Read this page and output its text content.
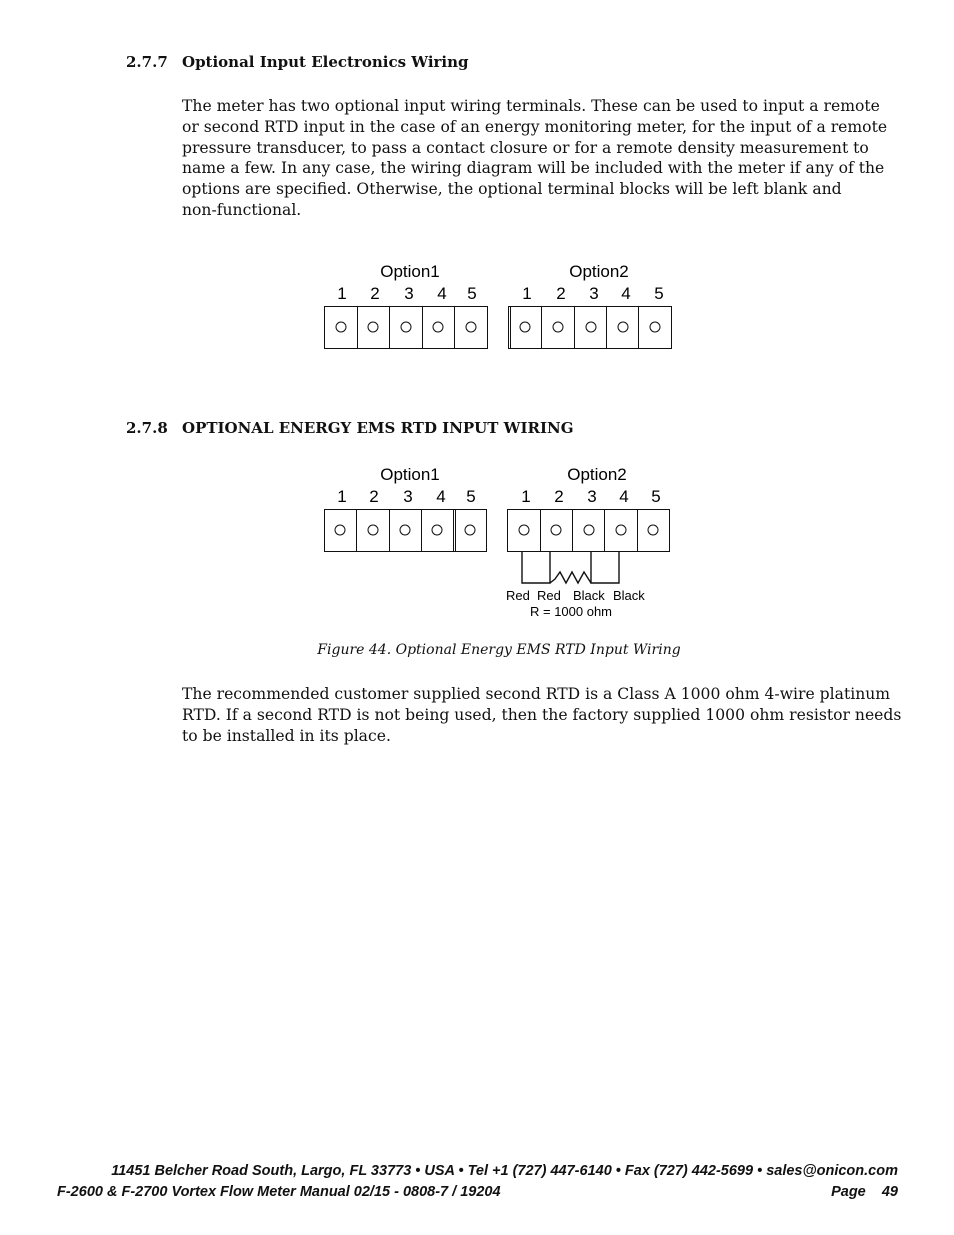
2.7.7 Optional Input Electronics Wiring
The meter has two optional input wiring terminals. These can be used to input a remote
or second RTD input in the case of an energy monitoring meter, for the input of a remote
pressure transducer, to pass a contact closure or for a remote density measurement to
name a few. In any case, the wiring diagram will be included with the meter if any of the
options are specified. Otherwise, the optional terminal blocks will be left blank and
non-functional.
Option1	Option2
1 2 3 4 5	1 2 3 4 5
2.7.8 OPTIONAL ENERGY EMS RTD INPUT WIRING
Option1	Option2
1 2 3 4 5	1 2 3 4 5
Red Red Black Black
R = 1000 ohm
Figure 44. Optional Energy EMS RTD Input Wiring
The recommended customer supplied second RTD is a Class A 1000 ohm 4-wire platinum
RTD. If a second RTD is not being used, then the factory supplied 1000 ohm resistor needs
to be installed in its place.
11451 Belcher Road South, Largo, FL 33773 • USA • Tel +1 (727) 447-6140 • Fax (727) 442-5699 • sales@onicon.com
F-2600 & F-2700 Vortex Flow Meter Manual 02/15 - 0808-7 / 19204	Page    49
